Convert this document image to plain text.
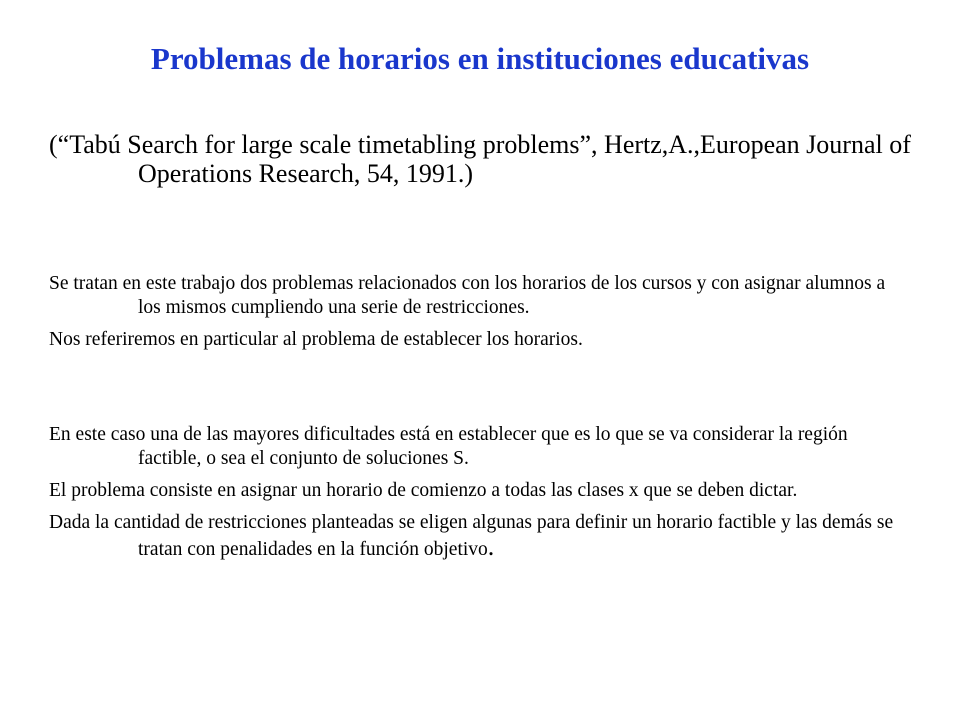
Problemas de horarios en instituciones educativas

(“Tabú Search for large scale timetabling problems”, Hertz,A.,European Journal of Operations Research, 54, 1991.)

Se tratan en este trabajo dos problemas relacionados con los horarios de los cursos y con asignar alumnos a los mismos cumpliendo una serie de restricciones.

Nos referiremos en particular al problema de establecer los horarios.

En este caso una de las mayores dificultades está en establecer que es lo que se va considerar la región factible, o sea el conjunto de soluciones S.

El problema consiste en asignar un horario de comienzo a todas las clases x que se deben dictar.

Dada la cantidad de restricciones planteadas se eligen algunas para definir un horario factible y las demás se tratan con penalidades en la función objetivo.
